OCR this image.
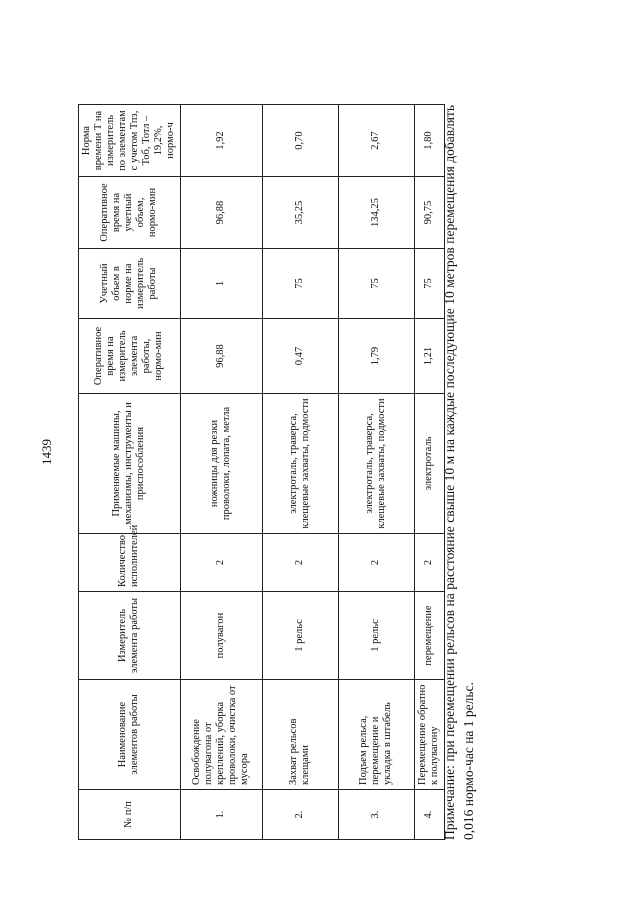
1439
№ п/п	Наименование элементов работы	Измеритель элемента работы	Количество исполнителей	Применяемые машины, механизмы, инструменты и приспособления	Оперативное время на измеритель элемента работы, нормо-мин	Учетный объем в норме на измеритель работы	Оперативное время на учетный объем, нормо-мин	Норма времени Т на измеритель по элементам с учетом Тпз, Тоб, Тотл – 19,2%, нормо-ч
1.	Освобождение полувагона от креплений, уборка проволоки, очистка от мусора	полувагон	2	ножницы для резки проволоки, лопата, метла	96,88	1	96,88	1,92
2.	Захват рельсов клещами	1 рельс	2	электроталь, траверса, клещевые захваты, подмости	0,47	75	35,25	0,70
3.	Подъем рельса, перемещение и укладка в штабель	1 рельс	2	электроталь, траверса, клещевые захваты, подмости	1,79	75	134,25	2,67
4.	Перемещение обратно к полувагону	перемещение	2	электроталь	1,21	75	90,75	1,80 Примечание: при перемещении рельсов на расстояние свыше 10 м на каждые последующие 10 метров перемещения добавлять 0,016 нормо-час на 1 рельс.
